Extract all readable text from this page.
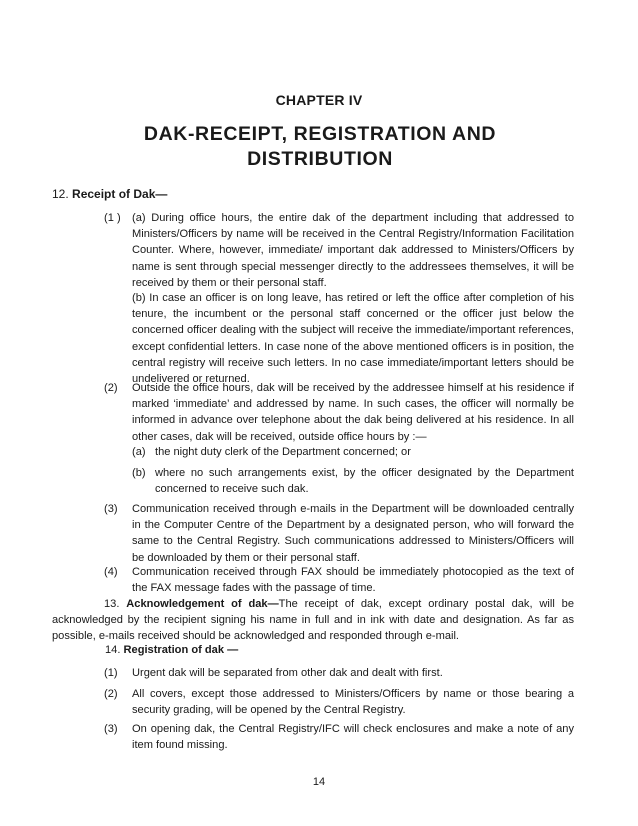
CHAPTER IV
DAK-RECEIPT, REGISTRATION AND DISTRIBUTION
12. Receipt of Dak—
(1 ) (a) During office hours, the entire dak of the department including that addressed to Ministers/Officers by name will be received in the Central Registry/Information Facilitation Counter. Where, however, immediate/ important dak addressed to Ministers/Officers by name is sent through special messenger directly to the addressees themselves, it will be received by them or their personal staff.
(b) In case an officer is on long leave, has retired or left the office after completion of his tenure, the incumbent or the personal staff concerned or the officer just below the concerned officer dealing with the subject will receive the immediate/important references, except confidential letters. In case none of the above mentioned officers is in position, the central registry will receive such letters. In no case immediate/important letters should be undelivered or returned.
(2) Outside the office hours, dak will be received by the addressee himself at his residence if marked ‘immediate’ and addressed by name. In such cases, the officer will normally be informed in advance over telephone about the dak being delivered at his residence. In all other cases, dak will be received, outside office hours by :—
(a) the night duty clerk of the Department concerned; or
(b) where no such arrangements exist, by the officer designated by the Department concerned to receive such dak.
(3) Communication received through e-mails in the Department will be downloaded centrally in the Computer Centre of the Department by a designated person, who will forward the same to the Central Registry. Such communications addressed to Ministers/Officers will be downloaded by them or their personal staff.
(4) Communication received through FAX should be immediately photocopied as the text of the FAX message fades with the passage of time.
13. Acknowledgement of dak—The receipt of dak, except ordinary postal dak, will be acknowledged by the recipient signing his name in full and in ink with date and designation. As far as possible, e-mails received should be acknowledged and responded through e-mail.
14. Registration of dak —
(1) Urgent dak will be separated from other dak and dealt with first.
(2) All covers, except those addressed to Ministers/Officers by name or those bearing a security grading, will be opened by the Central Registry.
(3) On opening dak, the Central Registry/IFC will check enclosures and make a note of any item found missing.
14
